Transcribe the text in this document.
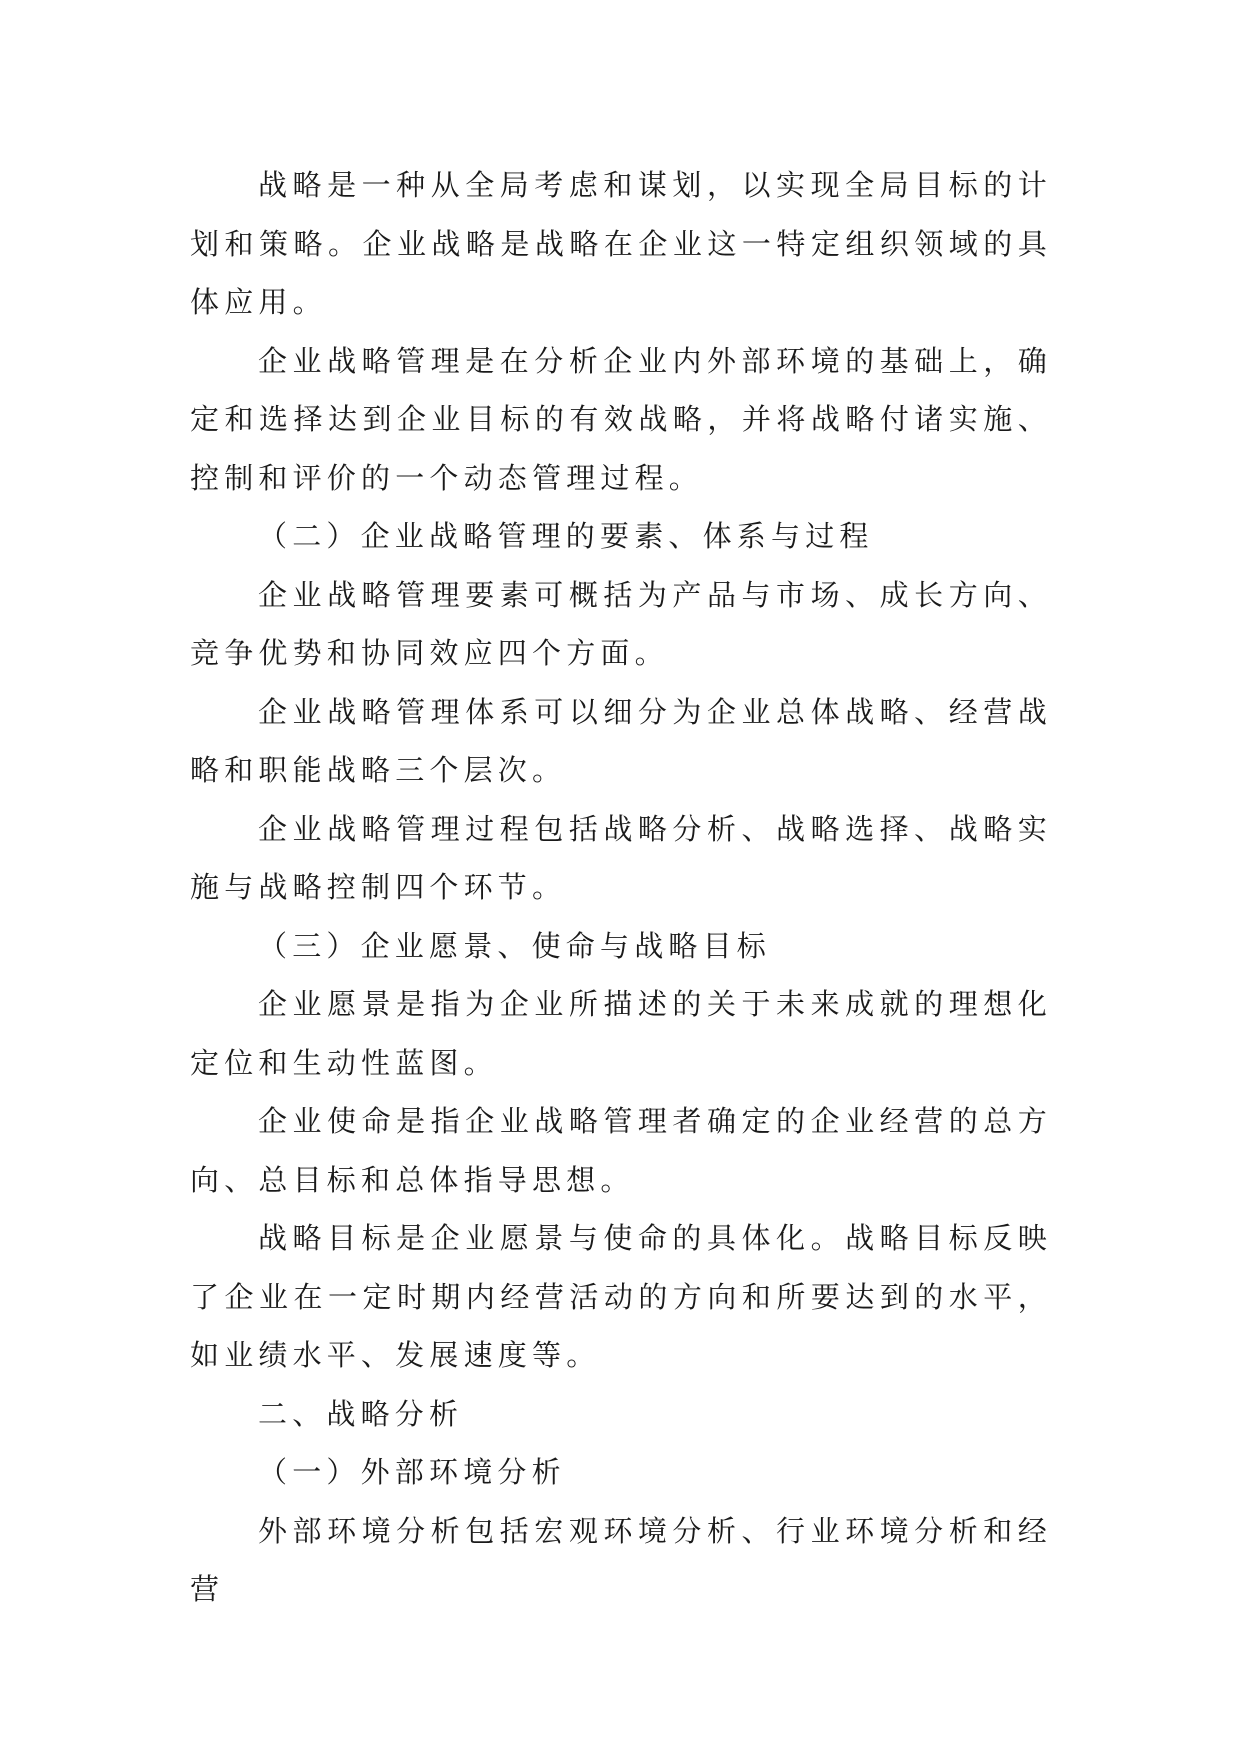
战略是一种从全局考虑和谋划，以实现全局目标的计划和策略。企业战略是战略在企业这一特定组织领域的具体应用。

企业战略管理是在分析企业内外部环境的基础上，确定和选择达到企业目标的有效战略，并将战略付诸实施、控制和评价的一个动态管理过程。

（二）企业战略管理的要素、体系与过程

企业战略管理要素可概括为产品与市场、成长方向、竞争优势和协同效应四个方面。

企业战略管理体系可以细分为企业总体战略、经营战略和职能战略三个层次。

企业战略管理过程包括战略分析、战略选择、战略实施与战略控制四个环节。

（三）企业愿景、使命与战略目标

企业愿景是指为企业所描述的关于未来成就的理想化定位和生动性蓝图。

企业使命是指企业战略管理者确定的企业经营的总方向、总目标和总体指导思想。

战略目标是企业愿景与使命的具体化。战略目标反映了企业在一定时期内经营活动的方向和所要达到的水平，如业绩水平、发展速度等。

二、战略分析

（一）外部环境分析

外部环境分析包括宏观环境分析、行业环境分析和经营
